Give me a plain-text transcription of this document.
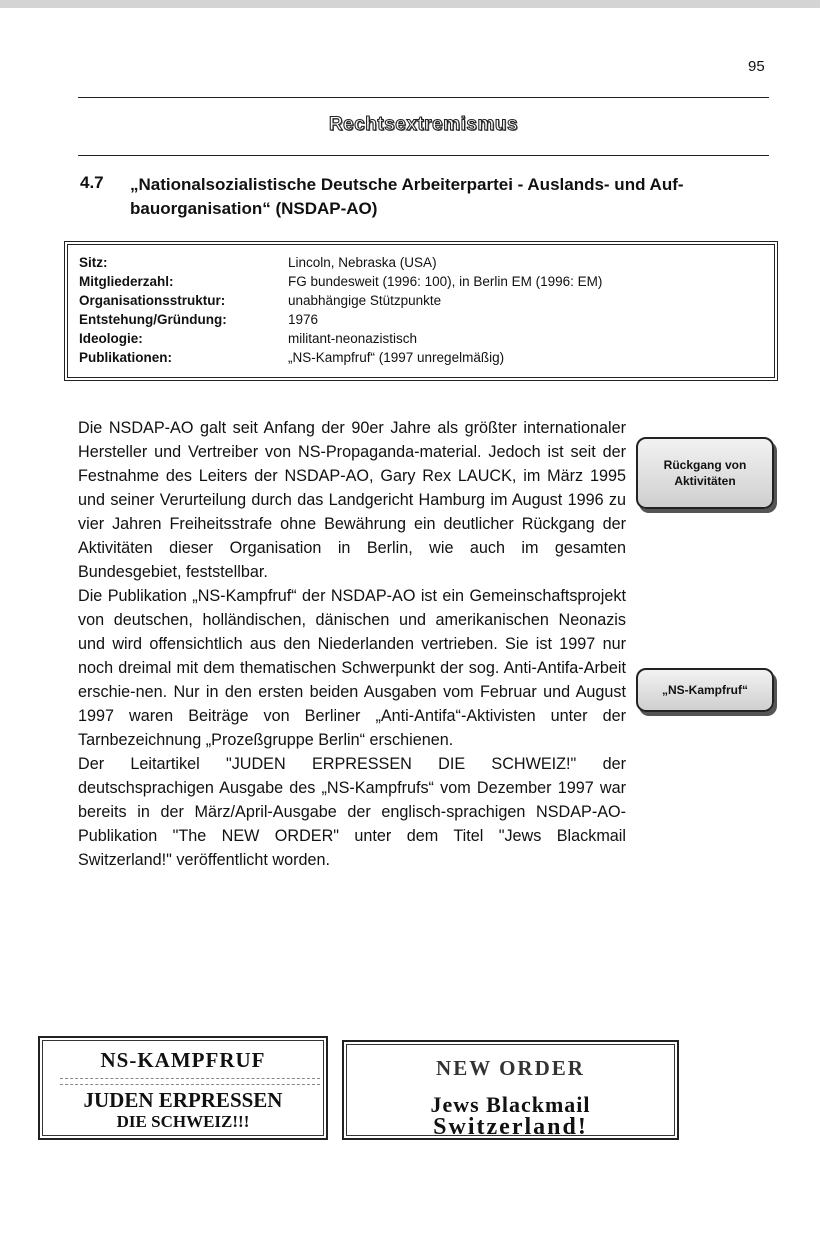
95
Rechtsextremismus
4.7 „Nationalsozialistische Deutsche Arbeiterpartei - Auslands- und Auf-bauorganisation“ (NSDAP-AO)
Sitz:	Lincoln, Nebraska (USA)
Mitgliederzahl:	FG bundesweit (1996: 100), in Berlin EM (1996: EM)
Organisationsstruktur:	unabhängige Stützpunkte
Entstehung/Gründung:	1976
Ideologie:	militant-neonazistisch
Publikationen:	„NS-Kampfruf“ (1997 unregelmäßig)

Die NSDAP-AO galt seit Anfang der 90er Jahre als größter internationaler Hersteller und Vertreiber von NS-Propaganda-material. Jedoch ist seit der Festnahme des Leiters der NSDAP-AO, Gary Rex LAUCK, im März 1995 und seiner Verurteilung durch das Landgericht Hamburg im August 1996 zu vier Jahren Freiheitsstrafe ohne Bewährung ein deutlicher Rückgang der Aktivitäten dieser Organisation in Berlin, wie auch im gesamten Bundesgebiet, feststellbar.

Die Publikation „NS-Kampfruf“ der NSDAP-AO ist ein Gemeinschaftsprojekt von deutschen, holländischen, dänischen und amerikanischen Neonazis und wird offensichtlich aus den Niederlanden vertrieben. Sie ist 1997 nur noch dreimal mit dem thematischen Schwerpunkt der sog. Anti-Antifa-Arbeit erschie-nen. Nur in den ersten beiden Ausgaben vom Februar und August 1997 waren Beiträge von Berliner „Anti-Antifa“-Aktivisten unter der Tarnbezeichnung „Prozeßgruppe Berlin“ erschienen.

Der Leitartikel "JUDEN ERPRESSEN DIE SCHWEIZ!" der deutschsprachigen Ausgabe des „NS-Kampfrufs“ vom Dezember 1997 war bereits in der März/April-Ausgabe der englisch-sprachigen NSDAP-AO-Publikation "The NEW ORDER" unter dem Titel "Jews Blackmail Switzerland!" veröffentlicht worden.

Rückgang von Aktivitäten
„NS-Kampfruf“
NS-KAMPFRUF
JUDEN ERPRESSEN
DIE SCHWEIZ!!!
NEW ORDER
Jews Blackmail
Switzerland!
